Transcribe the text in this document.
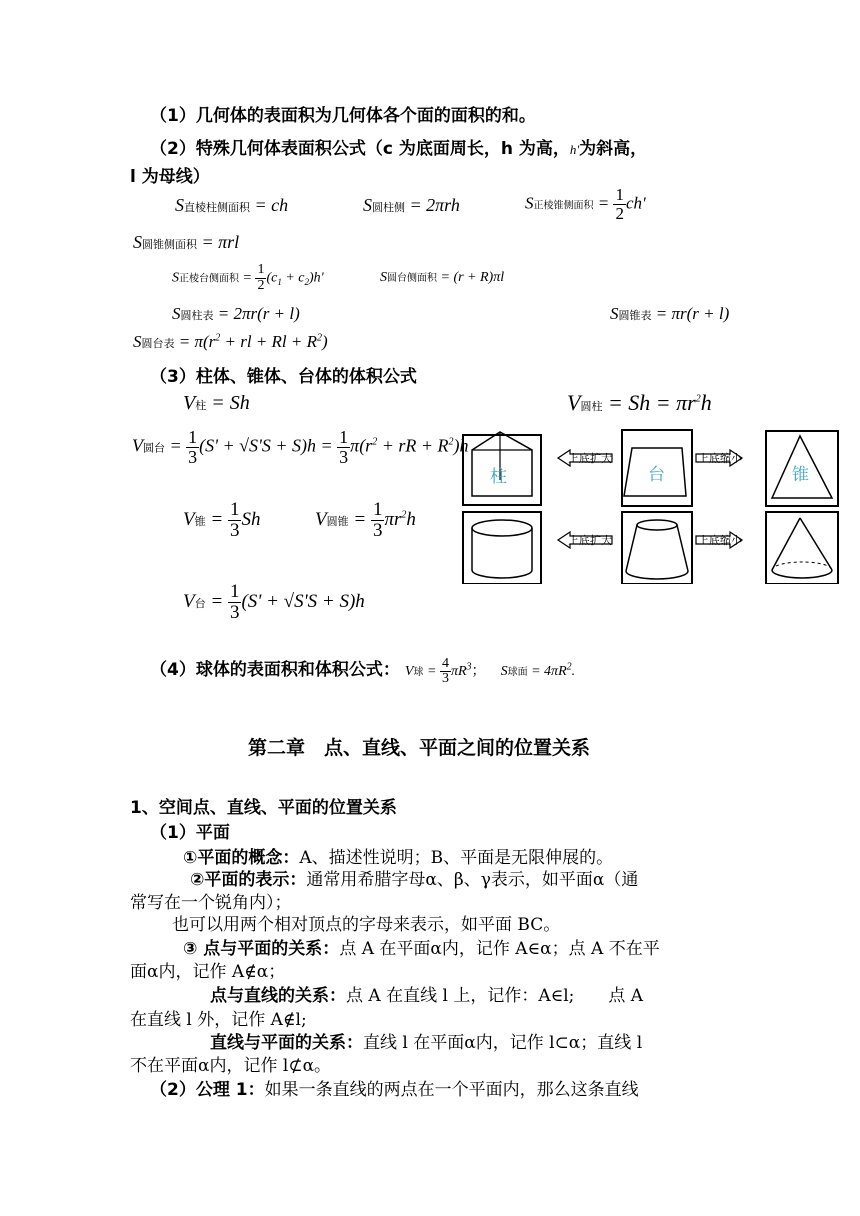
（1）几何体的表面积为几何体各个面的面积的和。
（2）特殊几何体表面积公式（c 为底面周长，h 为高，h'为斜高，
l 为母线）
S直棱柱侧面积 = ch	S圆柱侧 = 2πrh	S正棱锥侧面积 = $\frac{1}{2} ch'$
S圆锥侧面积 = πrl
S正棱台侧面积 = $\frac{1}{2} (c_1 + c_2)h'$	S圆台侧面积 = (r + R)πl
S圆柱表 = 2πr(r + l)	S圆锥表 = πr(r + l)
S圆台表 = $\pi(r^2$ + rl + $Rl + R^2$)
（3）柱体、锥体、台体的体积公式
V柱 = Sh	V圆柱 = $Sh = \pi r^2h$
V圆台 = $\frac{1}{3} (S' + √S'S + S)h = \frac{1}{3} \pi(r^2$ + rR + $R^2)h$
V锥 = $\frac{1}{3}$ Sh	V圆锥 = $\frac{1}{3} \pi r^2h$
V台 = $\frac{1}{3} (S' + √S'S + S)h$
上底扩大	上底缩小
上底扩大	上底缩小
柱	台	锥
（4）球体的表面积和体积公式： V球 = $\frac{4}{3} \pi R^3$； S球面 = $4\pi R^2$.
第二章　点、直线、平面之间的位置关系
1、空间点、直线、平面的位置关系
（1）平面
①平面的概念：A、描述性说明；B、平面是无限伸展的。
②平面的表示：通常用希腊字母α、β、γ表示，如平面α（通
常写在一个锐角内）；
也可以用两个相对顶点的字母来表示，如平面 BC。
③ 点与平面的关系：点 A 在平面α内，记作 A∈α；点 A 不在平
面α内，记作 A∉α；
点与直线的关系：点 A 在直线 l 上，记作：A∈l;　　点 A
在直线 l 外，记作 A∉l;
直线与平面的关系：直线 l 在平面α内，记作 l⊂α；直线 l
不在平面α内，记作 l⊄α。
（2）公理 1：如果一条直线的两点在一个平面内，那么这条直线
